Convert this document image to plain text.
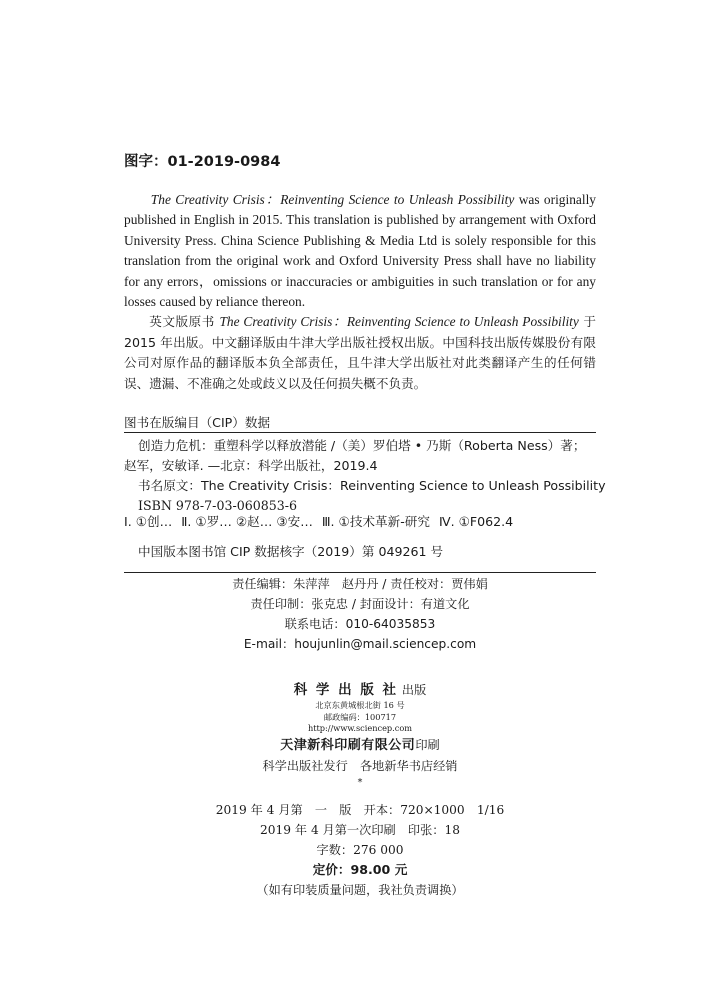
图字：01-2019-0984

The Creativity Crisis：Reinventing Science to Unleash Possibility was originally published in English in 2015. This translation is published by arrangement with Oxford University Press. China Science Publishing & Media Ltd is solely responsible for this translation from the original work and Oxford University Press shall have no liability for any errors，omissions or inaccuracies or ambiguities in such translation or for any losses caused by reliance thereon.

英文版原书 The Creativity Crisis：Reinventing Science to Unleash Possibility 于2015 年出版。中文翻译版由牛津大学出版社授权出版。中国科技出版传媒股份有限公司对原作品的翻译版本负全部责任，且牛津大学出版社对此类翻译产生的任何错误、遗漏、不准确之处或歧义以及任何损失概不负责。

图书在版编目（CIP）数据
创造力危机：重塑科学以释放潜能 /（美）罗伯塔 • 乃斯（Roberta Ness）著；
赵军，安敏译. —北京：科学出版社，2019.4
书名原文：The Creativity Crisis：Reinventing Science to Unleash Possibility
ISBN 978-7-03-060853-6
Ⅰ. ①创… Ⅱ. ①罗… ②赵… ③安… Ⅲ. ①技术革新-研究 Ⅳ. ①F062.4
中国版本图书馆 CIP 数据核字（2019）第 049261 号
责任编辑：朱萍萍　赵丹丹 / 责任校对：贾伟娟
责任印制：张克忠 / 封面设计：有道文化
联系电话：010-64035853
E-mail：houjunlin@mail.sciencep.com
科 学 出 版 社 出版
北京东黄城根北街 16 号
邮政编码：100717
http://www.sciencep.com
天津新科印刷有限公司印刷
科学出版社发行　各地新华书店经销
*
2019 年 4 月第　一　版　开本：720×1000　1/16
2019 年 4 月第一次印刷　印张：18
字数：276 000
定价：98.00 元
（如有印装质量问题，我社负责调换）
